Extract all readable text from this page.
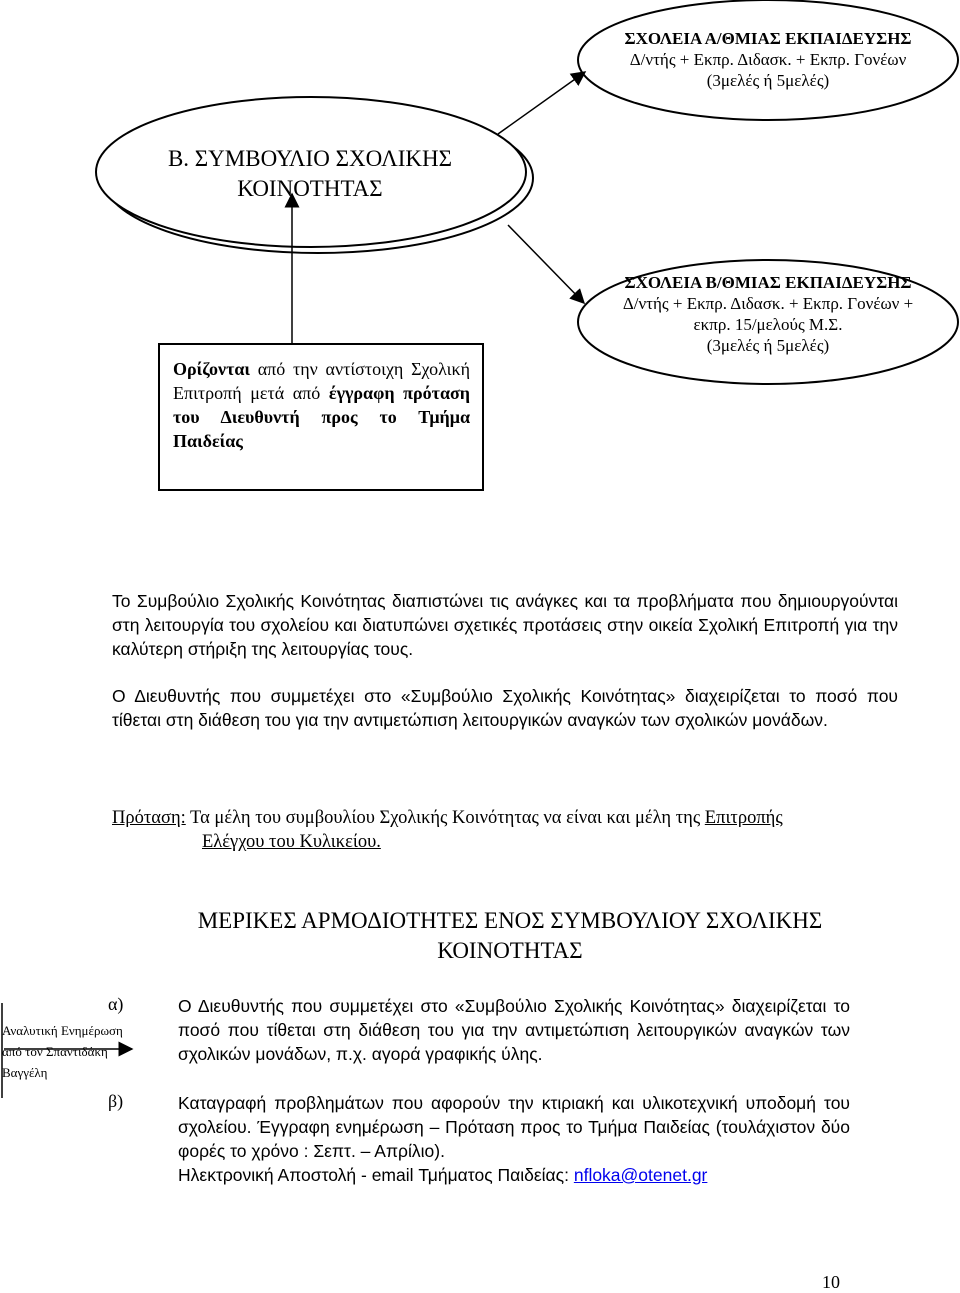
ΣΧΟΛΕΙΑ Α/ΘΜΙΑΣ ΕΚΠΑΙΔΕΥΣΗΣ
Δ/ντής + Εκπρ. Διδασκ. + Εκπρ. Γονέων
(3μελές ή 5μελές)
Β. ΣΥΜΒΟΥΛΙΟ ΣΧΟΛΙΚΗΣ
ΚΟΙΝΟΤΗΤΑΣ
ΣΧΟΛΕΙΑ Β/ΘΜΙΑΣ ΕΚΠΑΙΔΕΥΣΗΣ
Δ/ντής + Εκπρ. Διδασκ. + Εκπρ. Γονέων +
εκπρ. 15/μελούς Μ.Σ.
(3μελές ή 5μελές)
Ορίζονται από την αντίστοιχη Σχολική Επιτροπή μετά από έγγραφη πρόταση του Διευθυντή προς το Τμήμα Παιδείας
Το Συμβούλιο Σχολικής Κοινότητας διαπιστώνει τις ανάγκες και τα προβλήματα που δημιουργούνται στη λειτουργία του σχολείου και διατυπώνει σχετικές προτάσεις στην οικεία Σχολική Επιτροπή για την καλύτερη στήριξη της λειτουργίας τους.
Ο Διευθυντής που συμμετέχει στο «Συμβούλιο Σχολικής Κοινότητας» διαχειρίζεται το ποσό που τίθεται στη διάθεση του για την αντιμετώπιση λειτουργικών αναγκών των σχολικών μονάδων.
Πρόταση: Τα μέλη του συμβουλίου Σχολικής Κοινότητας να είναι και μέλη της Επιτροπής
Ελέγχου του Κυλικείου.
ΜΕΡΙΚΕΣ ΑΡΜΟΔΙΟΤΗΤΕΣ ΕΝΟΣ ΣΥΜΒΟΥΛΙΟΥ ΣΧΟΛΙΚΗΣ
ΚΟΙΝΟΤΗΤΑΣ
Αναλυτική Ενημέρωση
από τον Σπαντιδάκη
Βαγγέλη
α)	Ο Διευθυντής που συμμετέχει στο «Συμβούλιο Σχολικής Κοινότητας» διαχειρίζεται το ποσό που τίθεται στη διάθεση του για την αντιμετώπιση λειτουργικών αναγκών των σχολικών μονάδων, π.χ. αγορά γραφικής ύλης.
β)	Καταγραφή προβλημάτων που αφορούν την κτιριακή και υλικοτεχνική υποδομή του σχολείου. Έγγραφη ενημέρωση – Πρόταση προς το Τμήμα Παιδείας (τουλάχιστον δύο φορές το χρόνο : Σεπτ. – Απρίλιο).
Ηλεκτρονική Αποστολή - email Τμήματος Παιδείας: nfloka@otenet.gr
10
